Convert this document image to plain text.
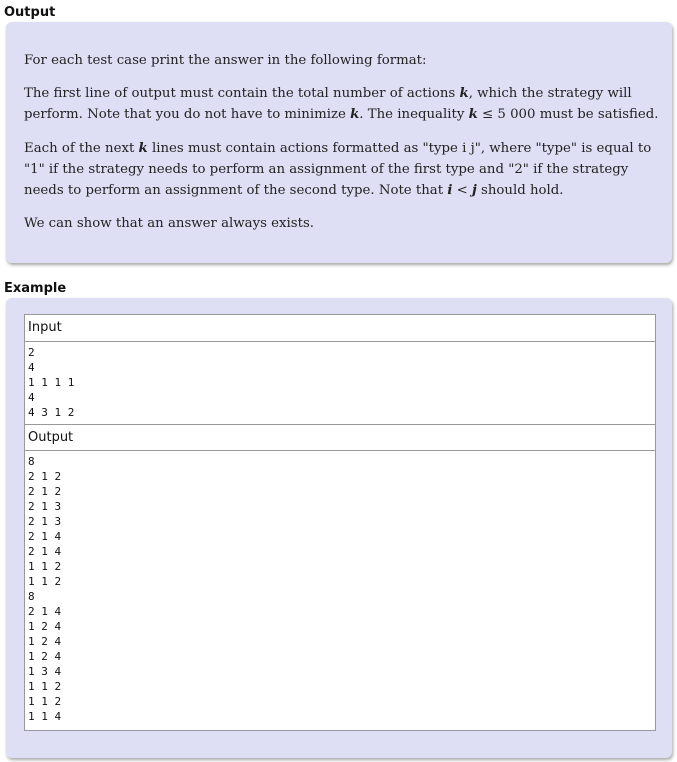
Output

For each test case print the answer in the following format:

The first line of output must contain the total number of actions k, which the strategy will perform. Note that you do not have to minimize k. The inequality k ≤ 5 000 must be satisfied.

Each of the next k lines must contain actions formatted as "type i j", where "type" is equal to "1" if the strategy needs to perform an assignment of the first type and "2" if the strategy needs to perform an assignment of the second type. Note that i < j should hold.

We can show that an answer always exists.

Example
Input
2
4
1 1 1 1
4
4 3 1 2
Output
8
2 1 2
2 1 2
2 1 3
2 1 3
2 1 4
2 1 4
1 1 2
1 1 2
8
2 1 4
1 2 4
1 2 4
1 2 4
1 3 4
1 1 2
1 1 2
1 1 4
